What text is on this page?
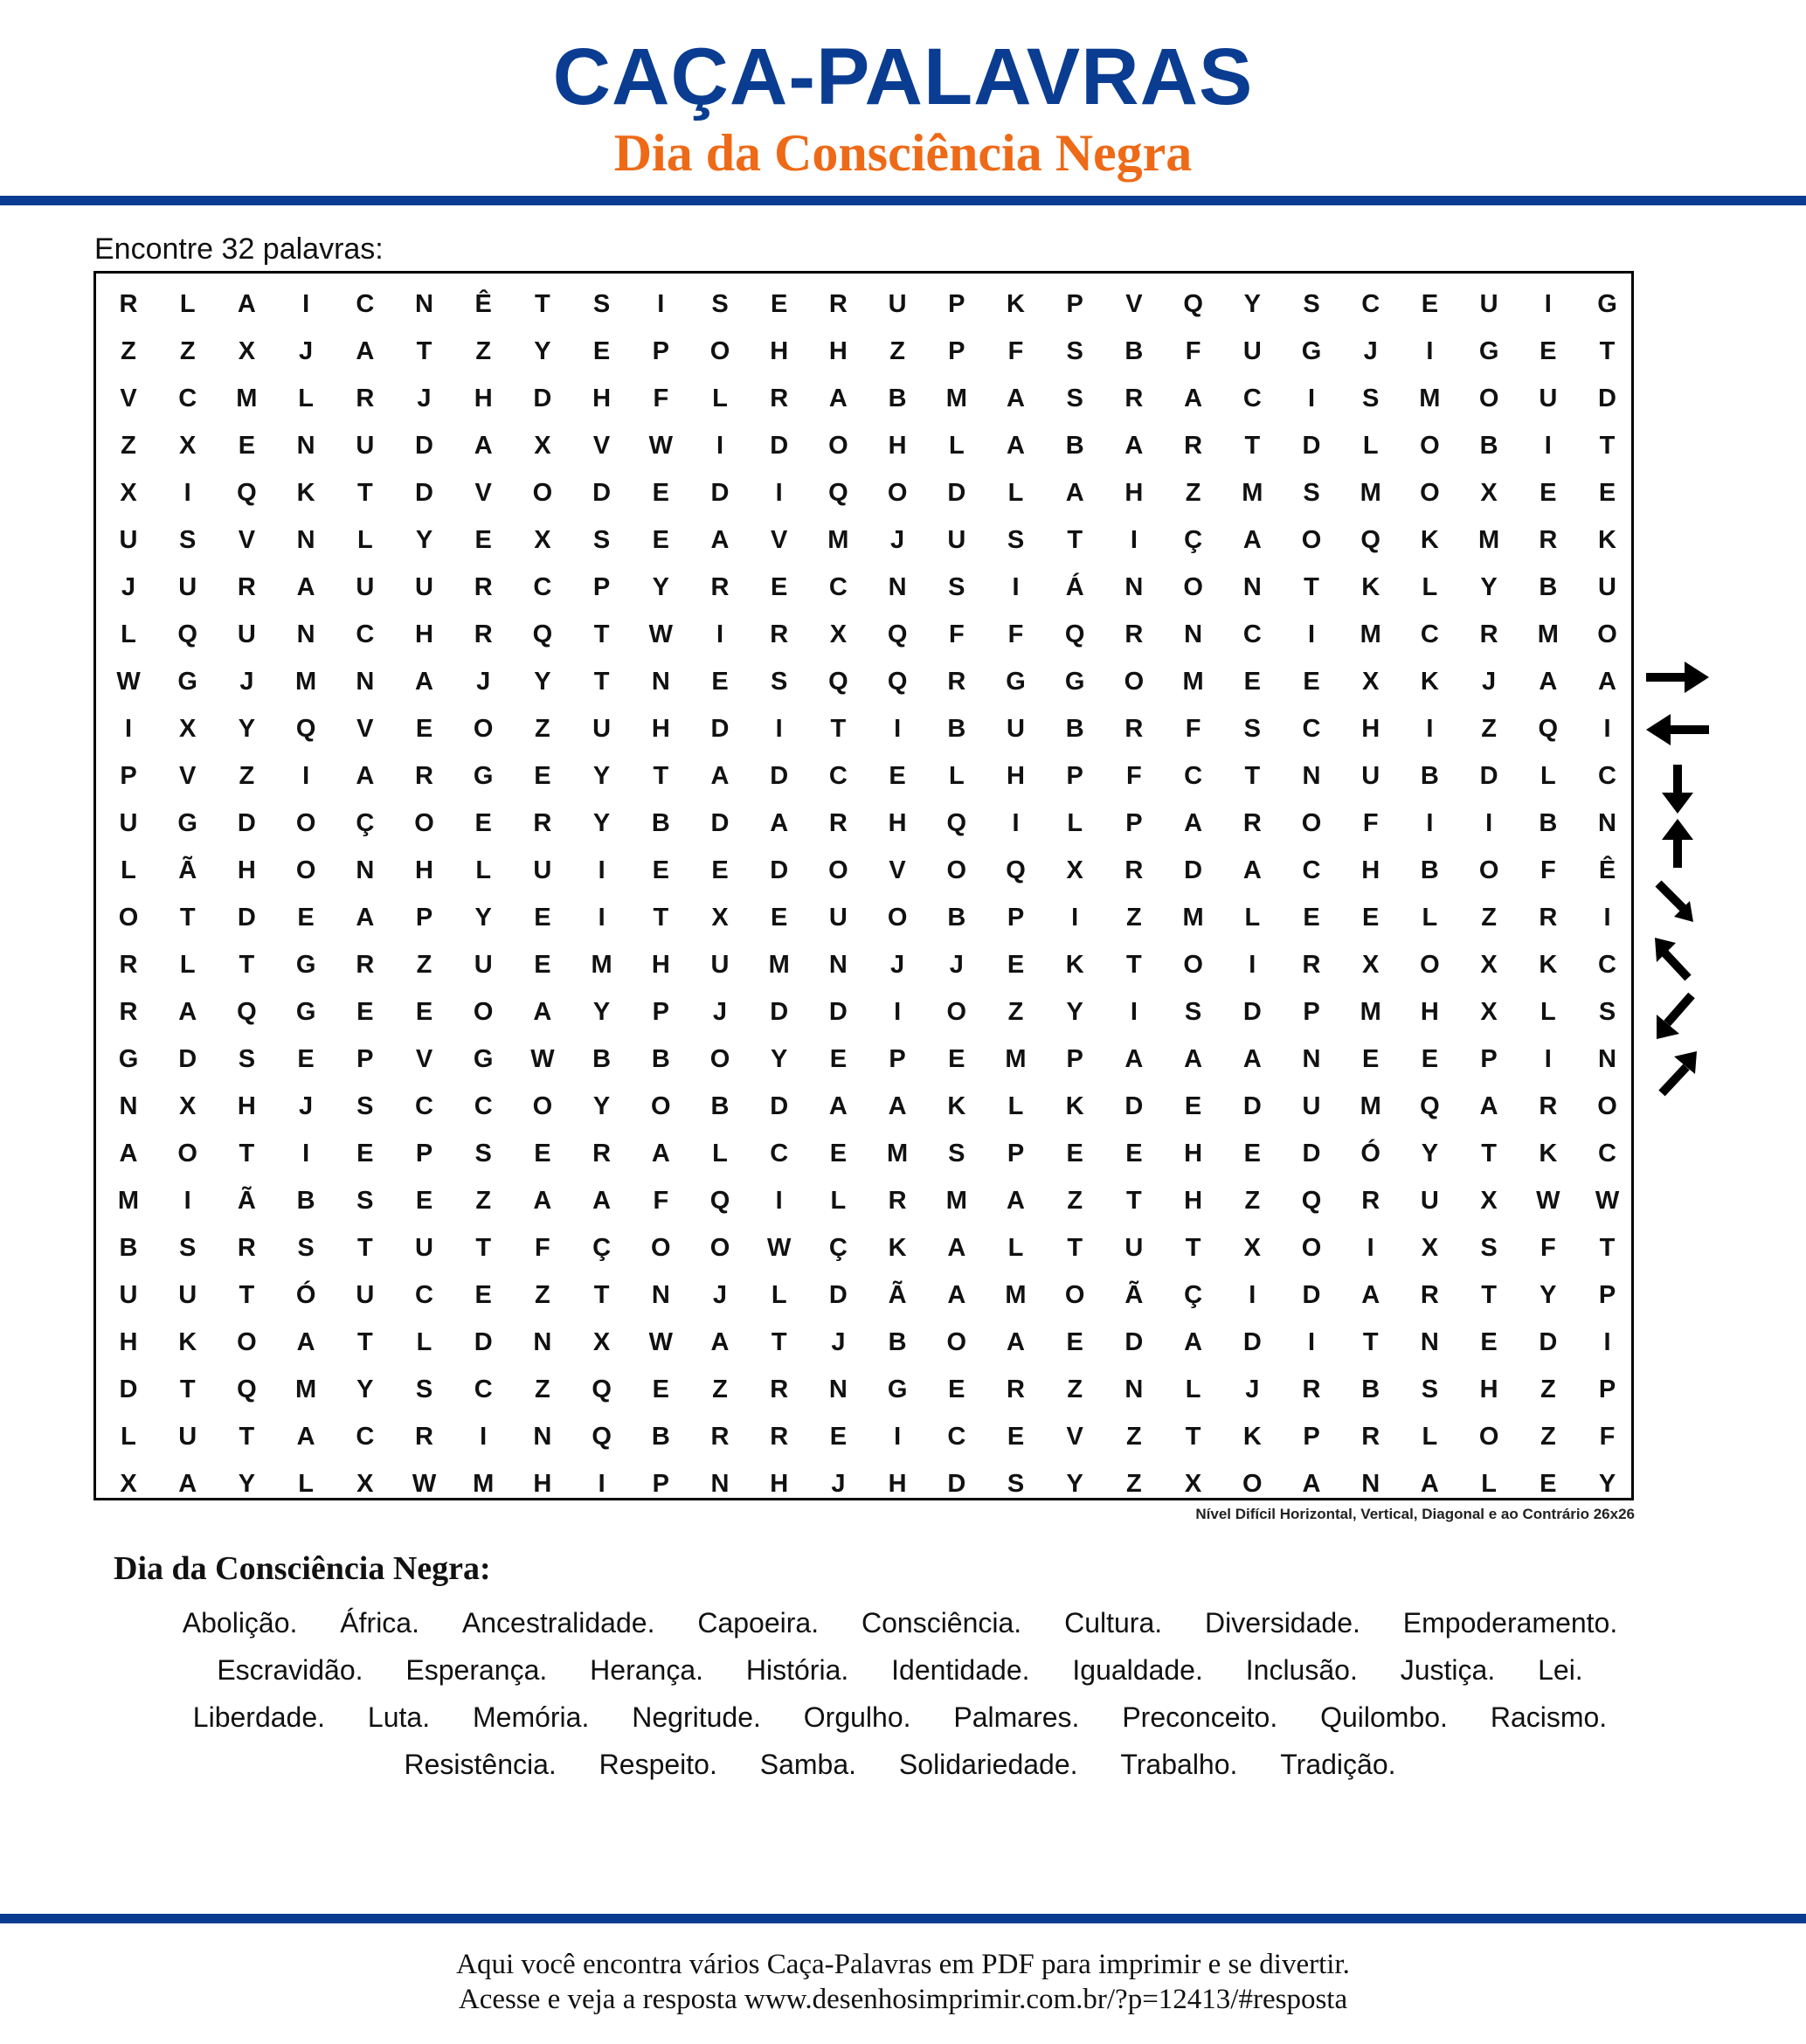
CAÇA-PALAVRAS
Dia da Consciência Negra
Encontre 32 palavras:
R	L	A	I	C	N	Ê	T	S	I	S	E	R	U	P	K	P	V	Q	Y	S	C	E	U	I	G
Z	Z	X	J	A	T	Z	Y	E	P	O	H	H	Z	P	F	S	B	F	U	G	J	I	G	E	T
V	C	M	L	R	J	H	D	H	F	L	R	A	B	M	A	S	R	A	C	I	S	M	O	U	D
Z	X	E	N	U	D	A	X	V	W	I	D	O	H	L	A	B	A	R	T	D	L	O	B	I	T
X	I	Q	K	T	D	V	O	D	E	D	I	Q	O	D	L	A	H	Z	M	S	M	O	X	E	E
U	S	V	N	L	Y	E	X	S	E	A	V	M	J	U	S	T	I	Ç	A	O	Q	K	M	R	K
J	U	R	A	U	U	R	C	P	Y	R	E	C	N	S	I	Á	N	O	N	T	K	L	Y	B	U
L	Q	U	N	C	H	R	Q	T	W	I	R	X	Q	F	F	Q	R	N	C	I	M	C	R	M	O
W	G	J	M	N	A	J	Y	T	N	E	S	Q	Q	R	G	G	O	M	E	E	X	K	J	A	A
I	X	Y	Q	V	E	O	Z	U	H	D	I	T	I	B	U	B	R	F	S	C	H	I	Z	Q	I
P	V	Z	I	A	R	G	E	Y	T	A	D	C	E	L	H	P	F	C	T	N	U	B	D	L	C
U	G	D	O	Ç	O	E	R	Y	B	D	A	R	H	Q	I	L	P	A	R	O	F	I	I	B	N
L	Ã	H	O	N	H	L	U	I	E	E	D	O	V	O	Q	X	R	D	A	C	H	B	O	F	Ê
O	T	D	E	A	P	Y	E	I	T	X	E	U	O	B	P	I	Z	M	L	E	E	L	Z	R	I
R	L	T	G	R	Z	U	E	M	H	U	M	N	J	J	E	K	T	O	I	R	X	O	X	K	C
R	A	Q	G	E	E	O	A	Y	P	J	D	D	I	O	Z	Y	I	S	D	P	M	H	X	L	S
G	D	S	E	P	V	G	W	B	B	O	Y	E	P	E	M	P	A	A	A	N	E	E	P	I	N
N	X	H	J	S	C	C	O	Y	O	B	D	A	A	K	L	K	D	E	D	U	M	Q	A	R	O
A	O	T	I	E	P	S	E	R	A	L	C	E	M	S	P	E	E	H	E	D	Ó	Y	T	K	C
M	I	Ã	B	S	E	Z	A	A	F	Q	I	L	R	M	A	Z	T	H	Z	Q	R	U	X	W	W
B	S	R	S	T	U	T	F	Ç	O	O	W	Ç	K	A	L	T	U	T	X	O	I	X	S	F	T
U	U	T	Ó	U	C	E	Z	T	N	J	L	D	Ã	A	M	O	Ã	Ç	I	D	A	R	T	Y	P
H	K	O	A	T	L	D	N	X	W	A	T	J	B	O	A	E	D	A	D	I	T	N	E	D	I
D	T	Q	M	Y	S	C	Z	Q	E	Z	R	N	G	E	R	Z	N	L	J	R	B	S	H	Z	P
L	U	T	A	C	R	I	N	Q	B	R	R	E	I	C	E	V	Z	T	K	P	R	L	O	Z	F
X	A	Y	L	X	W	M	H	I	P	N	H	J	H	D	S	Y	Z	X	O	A	N	A	L	E	Y
Nível Difícil Horizontal, Vertical, Diagonal e ao Contrário 26x26
Dia da Consciência Negra:
Abolição. África. Ancestralidade. Capoeira. Consciência. Cultura. Diversidade. Empoderamento. Escravidão. Esperança. Herança. História. Identidade. Igualdade. Inclusão. Justiça. Lei. Liberdade. Luta. Memória. Negritude. Orgulho. Palmares. Preconceito. Quilombo. Racismo. Resistência. Respeito. Samba. Solidariedade. Trabalho. Tradição.
Aqui você encontra vários Caça-Palavras em PDF para imprimir e se divertir.
Acesse e veja a resposta www.desenhosimprimir.com.br/?p=12413/#resposta
